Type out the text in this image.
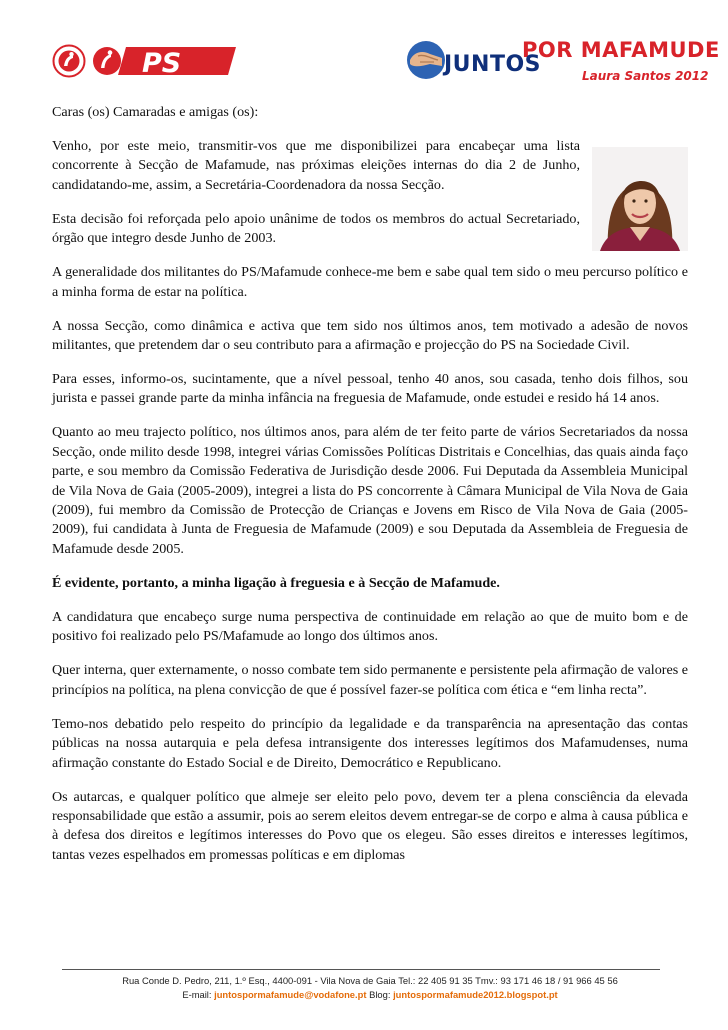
PS	POR MAFAMUDE
JUNTOS	Laura Santos 2012

Caras (os) Camaradas e amigas (os):

Venho, por este meio, transmitir-vos que me disponibilizei para encabeçar uma lista concorrente à Secção de Mafamude, nas próximas eleições internas do dia 2 de Junho, candidatando-me, assim, a Secretária-Coordenadora da nossa Secção.

Esta decisão foi reforçada pelo apoio unânime de todos os membros do actual Secretariado, órgão que integro desde Junho de 2003.

A generalidade dos militantes do PS/Mafamude conhece-me bem e sabe qual tem sido o meu percurso político e a minha forma de estar na política.

A nossa Secção, como dinâmica e activa que tem sido nos últimos anos, tem motivado a adesão de novos militantes, que pretendem dar o seu contributo para a afirmação e projecção do PS na Sociedade Civil.

Para esses, informo-os, sucintamente, que a nível pessoal, tenho 40 anos, sou casada, tenho dois filhos, sou jurista e passei grande parte da minha infância na freguesia de Mafamude, onde estudei e resido há 14 anos.

Quanto ao meu trajecto político, nos últimos anos, para além de ter feito parte de vários Secretariados da nossa Secção, onde milito desde 1998, integrei várias Comissões Políticas Distritais e Concelhias, das quais ainda faço parte, e sou membro da Comissão Federativa de Jurisdição desde 2006. Fui Deputada da Assembleia Municipal de Vila Nova de Gaia (2005-2009), integrei a lista do PS concorrente à Câmara Municipal de Vila Nova de Gaia (2009), fui membro da Comissão de Protecção de Crianças e Jovens em Risco de Vila Nova de Gaia (2005-2009), fui candidata à Junta de Freguesia de Mafamude (2009) e sou Deputada da Assembleia de Freguesia de Mafamude desde 2005.

É evidente, portanto, a minha ligação à freguesia e à Secção de Mafamude.

A candidatura que encabeço surge numa perspectiva de continuidade em relação ao que de muito bom e de positivo foi realizado pelo PS/Mafamude ao longo dos últimos anos.

Quer interna, quer externamente, o nosso combate tem sido permanente e persistente pela afirmação de valores e princípios na política, na plena convicção de que é possível fazer-se política com ética e “em linha recta”.

Temo-nos debatido pelo respeito do princípio da legalidade e da transparência na apresentação das contas públicas na nossa autarquia e pela defesa intransigente dos interesses legítimos dos Mafamudenses, numa afirmação constante do Estado Social e de Direito, Democrático e Republicano.

Os autarcas, e qualquer político que almeje ser eleito pelo povo, devem ter a plena consciência da elevada responsabilidade que estão a assumir, pois ao serem eleitos devem entregar-se de corpo e alma à causa pública e à defesa dos direitos e legítimos interesses do Povo que os elegeu. São esses direitos e interesses legítimos, tantas vezes espelhados em promessas políticas e em diplomas

Rua Conde D. Pedro, 211, 1.º Esq., 4400-091 - Vila Nova de Gaia Tel.: 22 405 91 35 Tmv.: 93 171 46 18 / 91 966 45 56
E-mail: juntospormafamude@vodafone.pt Blog: juntospormafamude2012.blogspot.pt
